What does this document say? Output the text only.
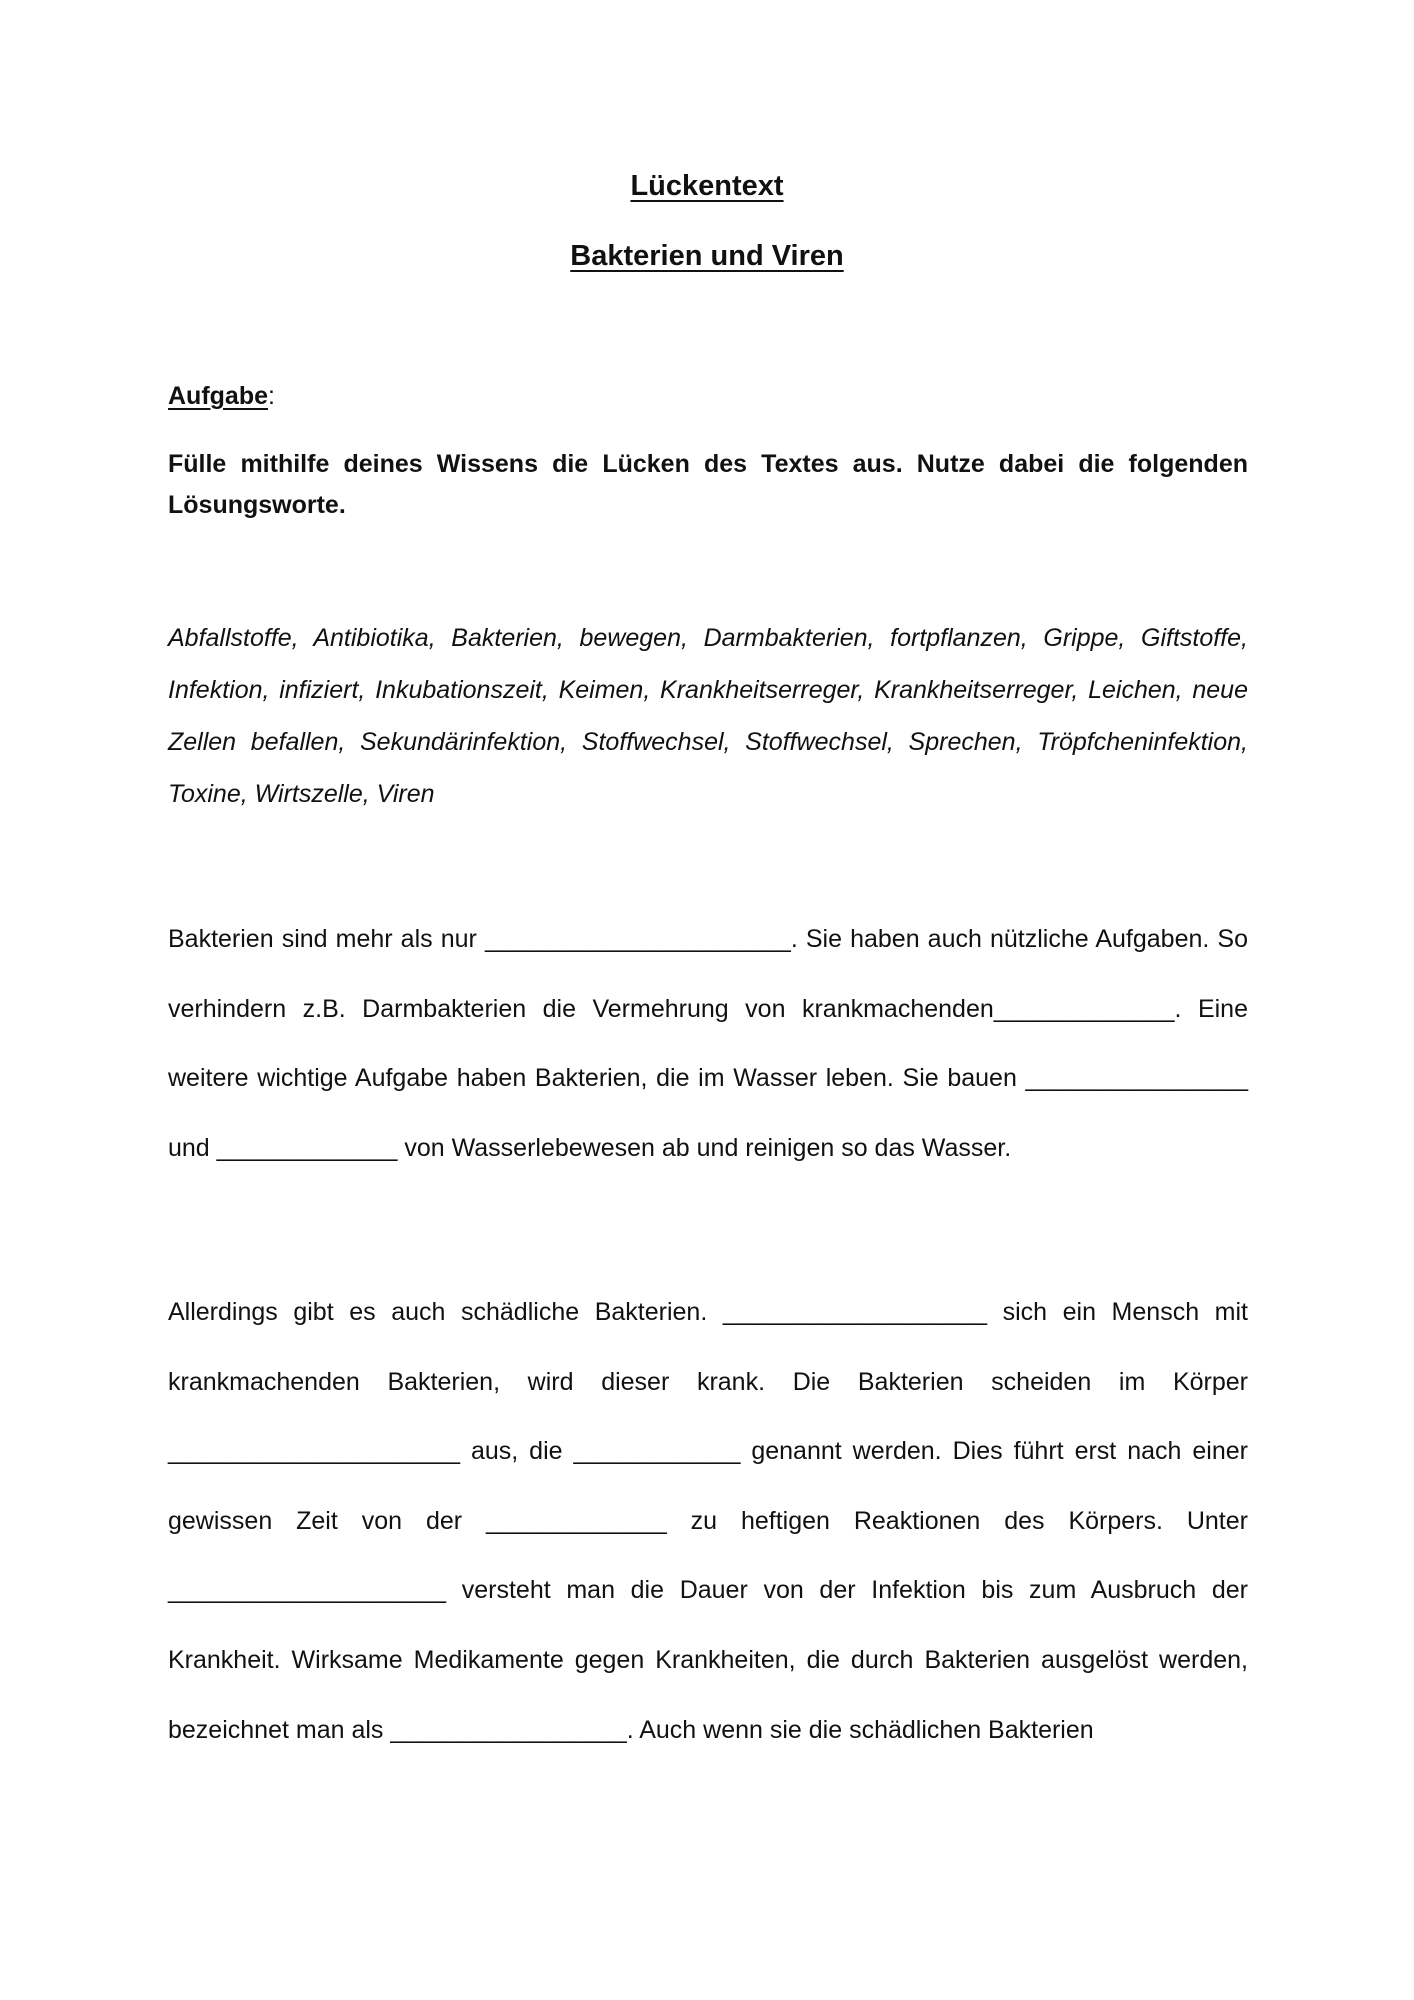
Lückentext
Bakterien und Viren

Aufgabe:

Fülle mithilfe deines Wissens die Lücken des Textes aus. Nutze dabei die folgenden Lösungsworte.

Abfallstoffe, Antibiotika, Bakterien, bewegen, Darmbakterien, fortpflanzen, Grippe, Giftstoffe, Infektion, infiziert, Inkubationszeit, Keimen, Krankheitserreger, Krankheitserreger, Leichen, neue Zellen befallen, Sekundärinfektion, Stoffwechsel, Stoffwechsel, Sprechen, Tröpfcheninfektion, Toxine, Wirtszelle, Viren

Bakterien sind mehr als nur ______________________. Sie haben auch nützliche Aufgaben. So verhindern z.B. Darmbakterien die Vermehrung von krankmachenden_____________. Eine weitere wichtige Aufgabe haben Bakterien, die im Wasser leben. Sie bauen ________________ und _____________ von Wasserlebewesen ab und reinigen so das Wasser.

Allerdings gibt es auch schädliche Bakterien. ___________________ sich ein Mensch mit krankmachenden Bakterien, wird dieser krank. Die Bakterien scheiden im Körper _____________________ aus, die ____________ genannt werden. Dies führt erst nach einer gewissen Zeit von der _____________ zu heftigen Reaktionen des Körpers. Unter ____________________ versteht man die Dauer von der Infektion bis zum Ausbruch der Krankheit. Wirksame Medikamente gegen Krankheiten, die durch Bakterien ausgelöst werden, bezeichnet man als _________________. Auch wenn sie die schädlichen Bakterien
